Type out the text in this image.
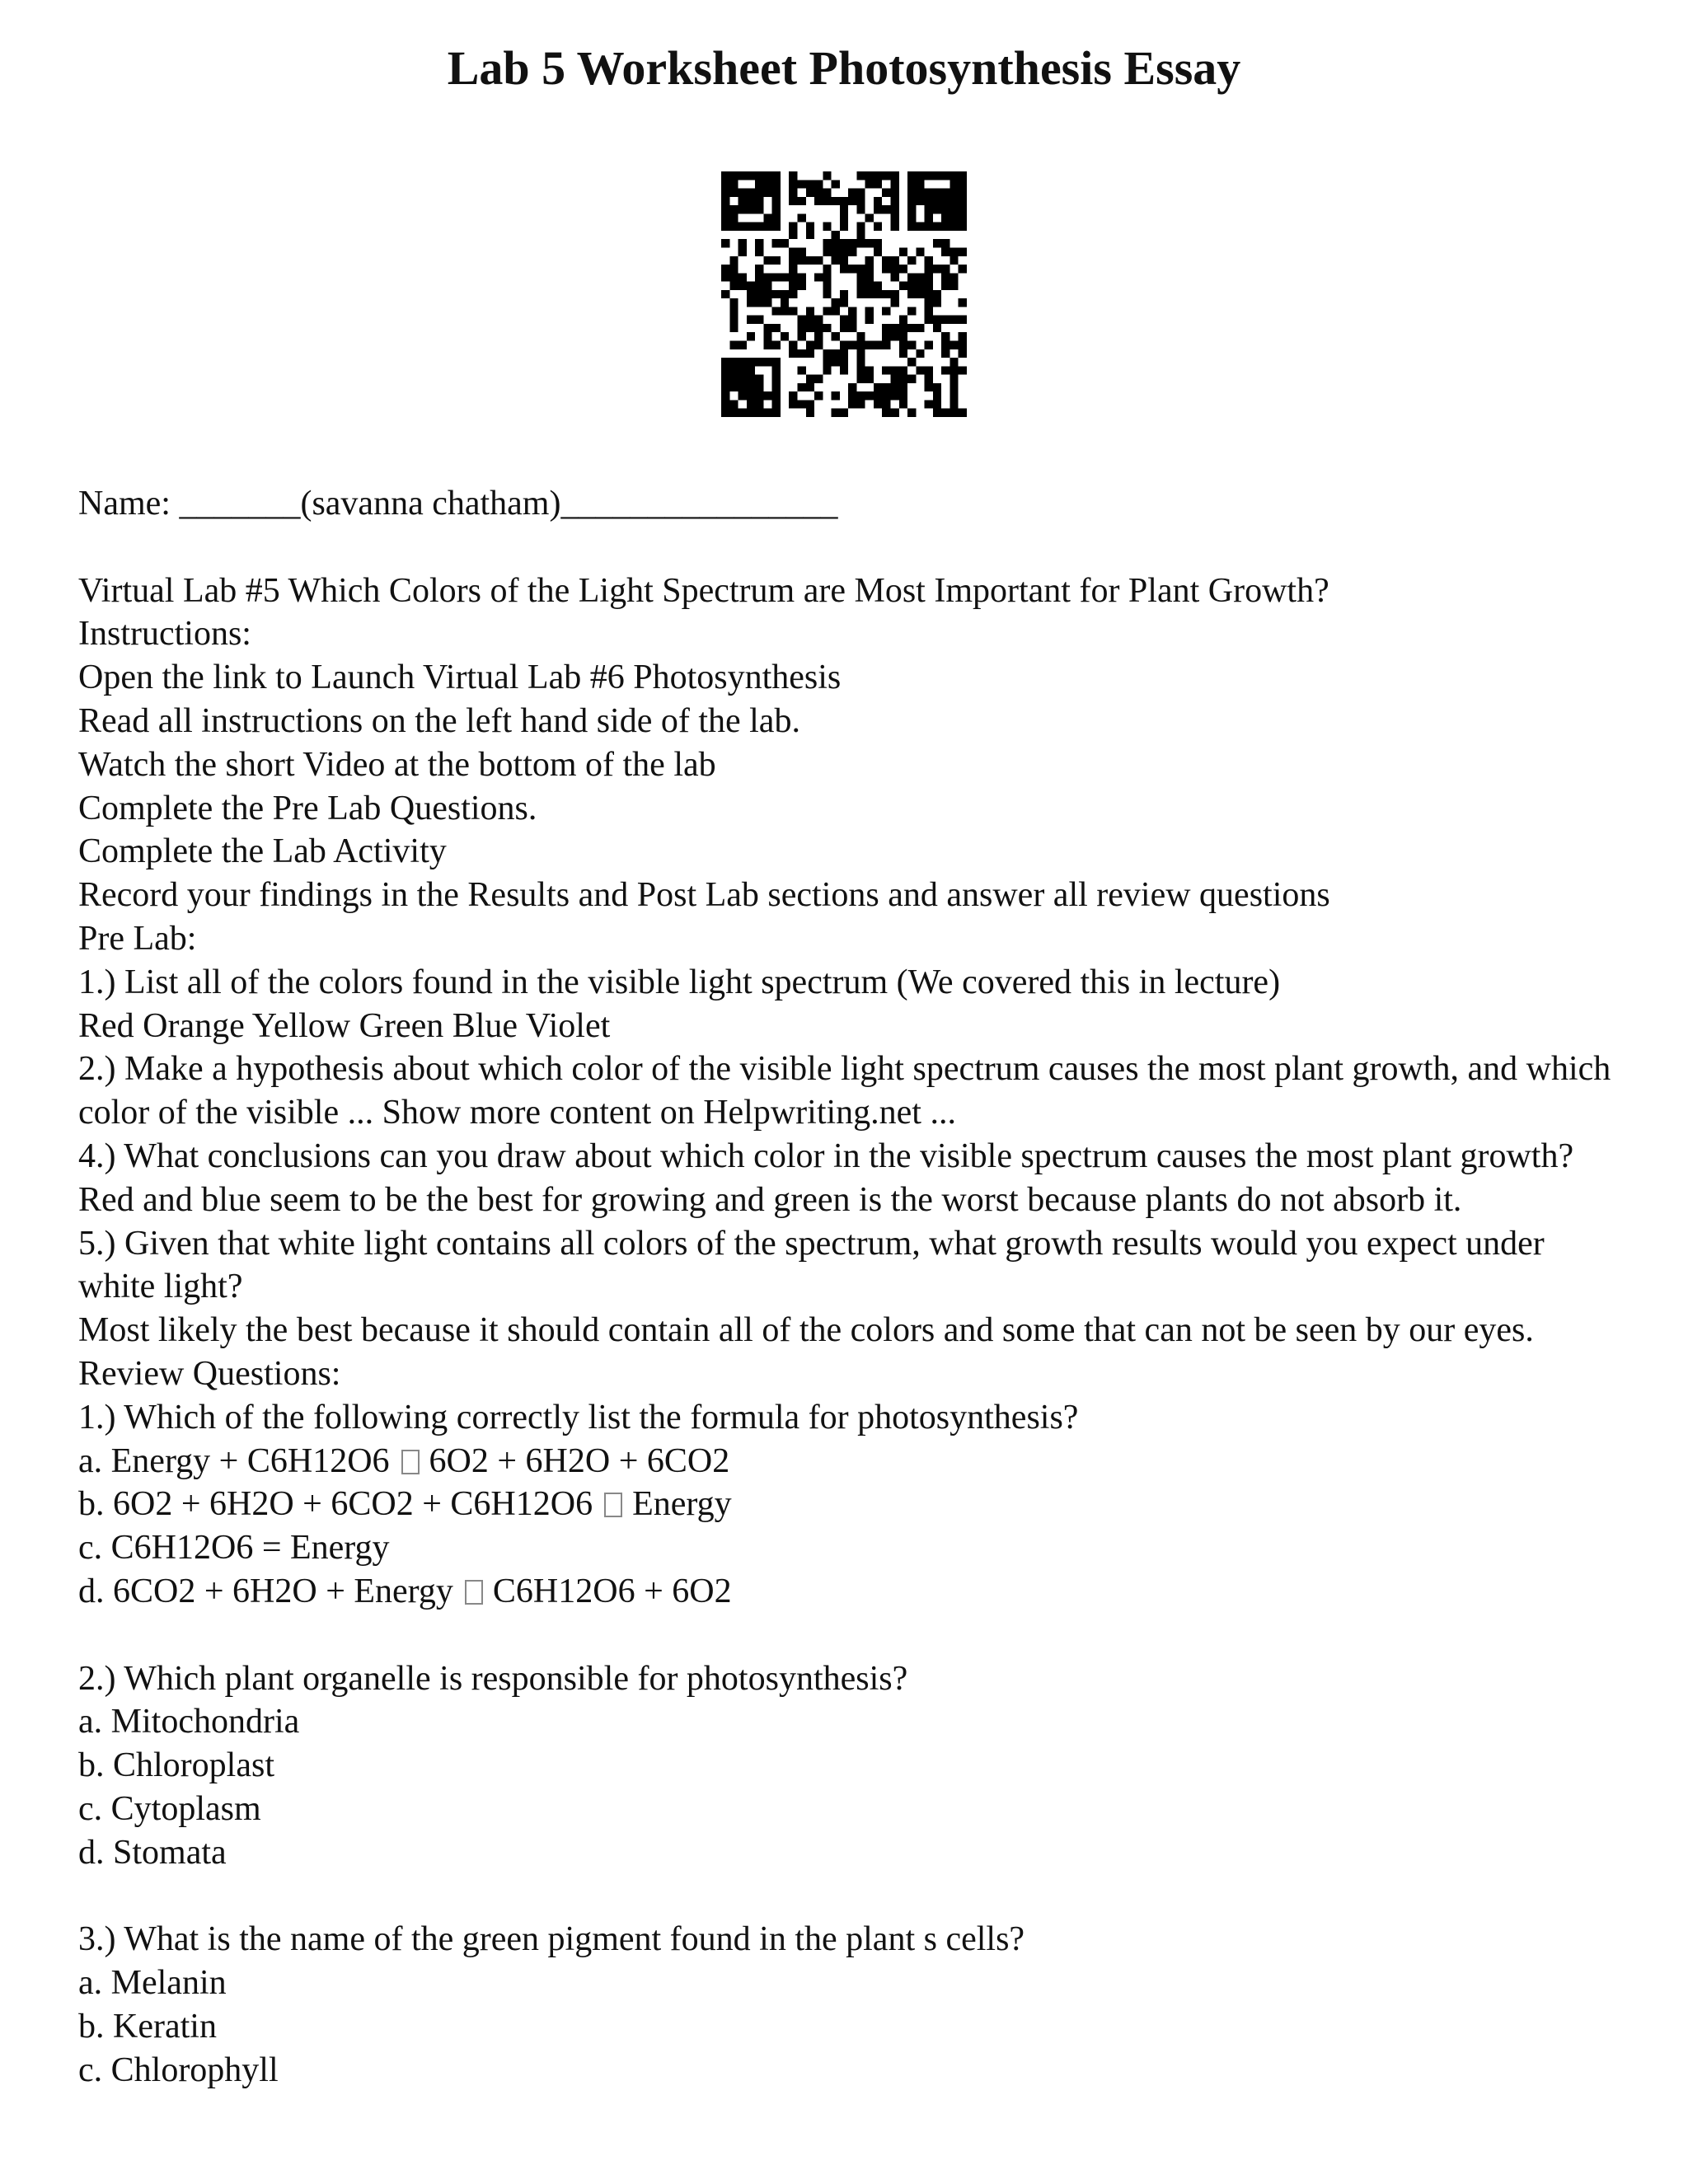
Lab 5 Worksheet Photosynthesis Essay
Name: _______(savanna chatham)________________
Virtual Lab #5 Which Colors of the Light Spectrum are Most Important for Plant Growth?
Instructions:
Open the link to Launch Virtual Lab #6 Photosynthesis
Read all instructions on the left hand side of the lab.
Watch the short Video at the bottom of the lab
Complete the Pre Lab Questions.
Complete the Lab Activity
Record your findings in the Results and Post Lab sections and answer all review questions
Pre Lab:
1.) List all of the colors found in the visible light spectrum (We covered this in lecture)
Red Orange Yellow Green Blue Violet
2.) Make a hypothesis about which color of the visible light spectrum causes the most plant growth, and which color of the visible ... Show more content on Helpwriting.net ...
4.) What conclusions can you draw about which color in the visible spectrum causes the most plant growth?
Red and blue seem to be the best for growing and green is the worst because plants do not absorb it.
5.) Given that white light contains all colors of the spectrum, what growth results would you expect under white light?
Most likely the best because it should contain all of the colors and some that can not be seen by our eyes.
Review Questions:
1.) Which of the following correctly list the formula for photosynthesis?
a. Energy + C6H12O6 6O2 + 6H2O + 6CO2
b. 6O2 + 6H2O + 6CO2 + C6H12O6 Energy
c. C6H12O6 = Energy
d. 6CO2 + 6H2O + Energy C6H12O6 + 6O2
2.) Which plant organelle is responsible for photosynthesis?
a. Mitochondria
b. Chloroplast
c. Cytoplasm
d. Stomata
3.) What is the name of the green pigment found in the plant s cells?
a. Melanin
b. Keratin
c. Chlorophyll
